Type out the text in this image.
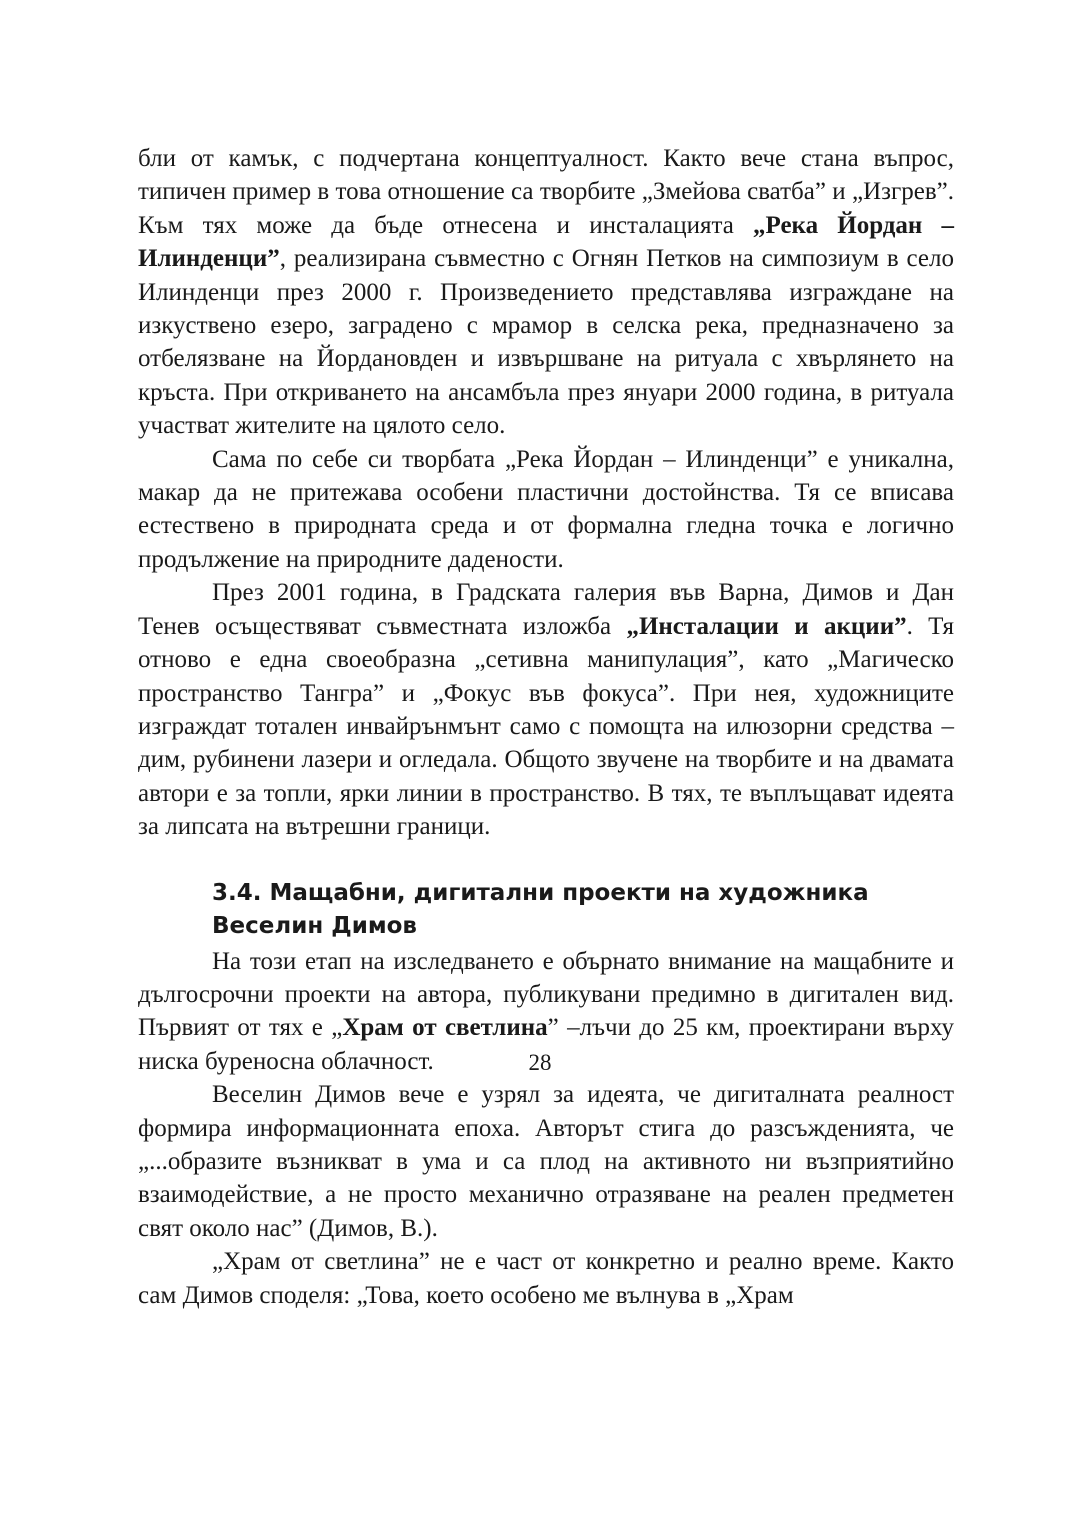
бли от камък, с подчертана концептуалност. Както вече стана въпрос, типичен пример в това отношение са творбите „Змейова сватба” и „Изгрев”. Към тях може да бъде отнесена и инсталацията „Река Йордан – Илинденци”, реализирана съвместно с Огнян Петков на симпозиум в село Илинденци през 2000 г. Произведението представлява изграждане на изкуствено езеро, заградено с мрамор в селска река, предназначено за отбелязване на Йордановден и извършване на ритуала с хвърлянето на кръста. При откриването на ансамбъла през януари 2000 година, в ритуала участват жителите на цялото село.

Сама по себе си творбата „Река Йордан – Илинденци” е уникална, макар да не притежава особени пластични достойнства. Тя се вписава естествено в природната среда и от формална гледна точка е логично продължение на природните дадености.

През 2001 година, в Градската галерия във Варна, Димов и Дан Тенев осъществяват съвместната изложба „Инсталации и акции”. Тя отново е една своеобразна „сетивна манипулация”, като „Магическо пространство Тангра” и „Фокус във фокуса”. При нея, художниците изграждат тотален инвайрънмънт само с помощта на илюзорни средства – дим, рубинени лазери и огледала. Общото звучене на творбите и на двамата автори е за топли, ярки линии в пространство. В тях, те въплъщават идеята за липсата на вътрешни граници.

3.4. Мащабни, дигитални проекти на художника
Веселин Димов

На този етап на изследването е обърнато внимание на мащабните и дългосрочни проекти на автора, публикувани предимно в дигитален вид. Първият от тях е „Храм от светлина” –лъчи до 25 км, проектирани върху ниска буреносна облачност.

Веселин Димов вече е узрял за идеята, че дигиталната реалност формира информационната епоха. Авторът стига до разсъжденията, че „...образите възникват в ума и са плод на активното ни възприятийно взаимодействие, а не просто механично отразяване на реален предметен свят около нас” (Димов, В.).

„Храм от светлина” не е част от конкретно и реално време. Както сам Димов споделя: „Това, което особено ме вълнува в „Храм

28
